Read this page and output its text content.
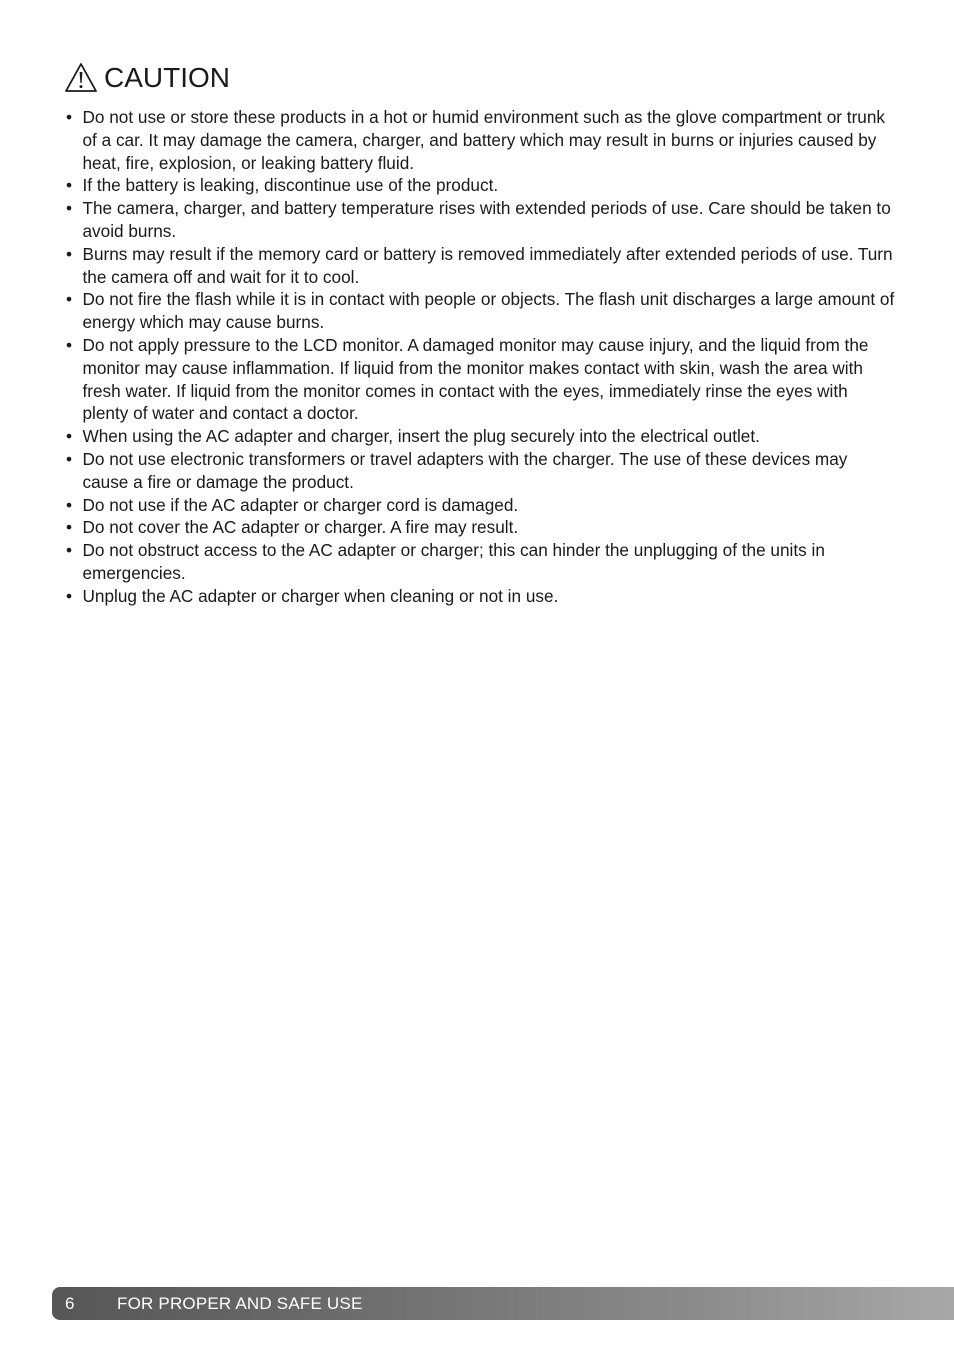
CAUTION
• Do not use or store these products in a hot or humid environment such as the glove compartment or trunk of a car. It may damage the camera, charger, and battery which may result in burns or injuries caused by heat, fire, explosion, or leaking battery fluid.
• If the battery is leaking, discontinue use of the product.
• The camera, charger, and battery temperature rises with extended periods of use. Care should be taken to avoid burns.
• Burns may result if the memory card or battery is removed immediately after extended periods of use. Turn the camera off and wait for it to cool.
• Do not fire the flash while it is in contact with people or objects. The flash unit discharges a large amount of energy which may cause burns.
• Do not apply pressure to the LCD monitor. A damaged monitor may cause injury, and the liquid from the monitor may cause inflammation. If liquid from the monitor makes contact with skin, wash the area with fresh water. If liquid from the monitor comes in contact with the eyes, immediately rinse the eyes with plenty of water and contact a doctor.
• When using the AC adapter and charger, insert the plug securely into the electrical outlet.
• Do not use electronic transformers or travel adapters with the charger. The use of these devices may cause a fire or damage the product.
• Do not use if the AC adapter or charger cord is damaged.
• Do not cover the AC adapter or charger. A fire may result.
• Do not obstruct access to the AC adapter or charger; this can hinder the unplugging of the units in emergencies.
• Unplug the AC adapter or charger when cleaning or not in use.
6	FOR PROPER AND SAFE USE
